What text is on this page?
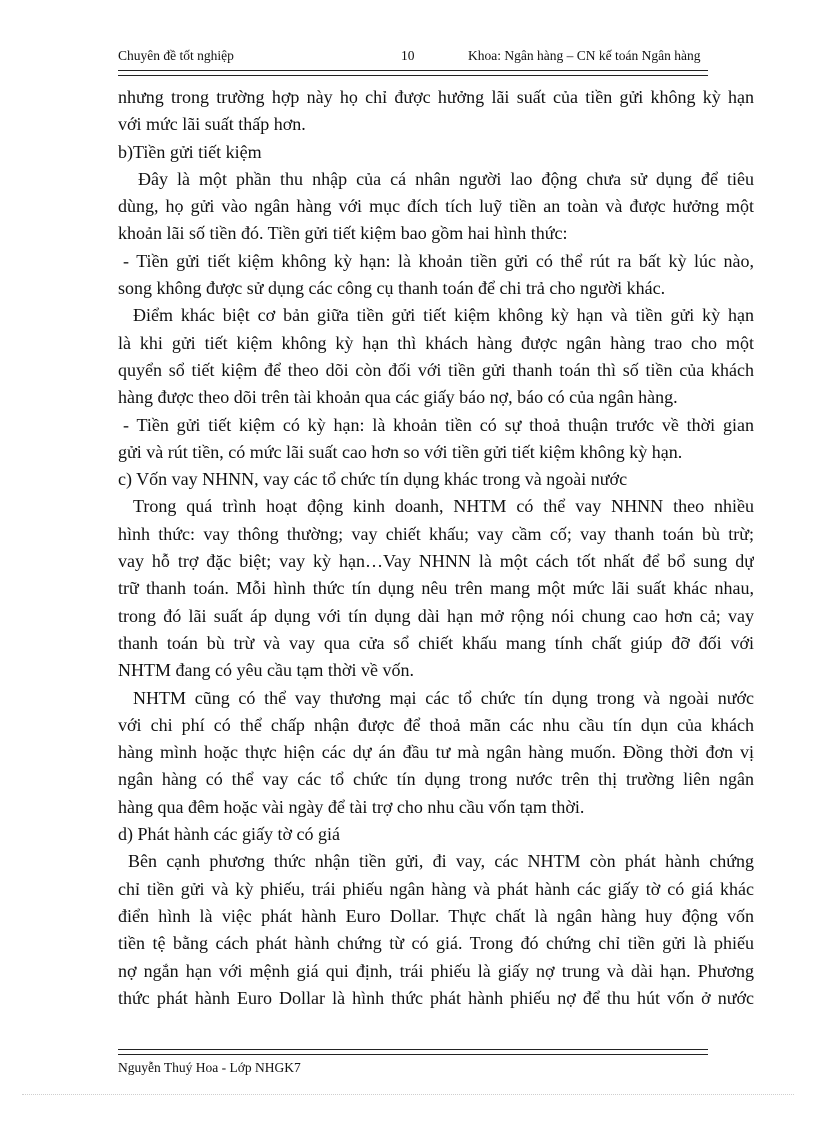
Chuyên đề tốt nghiệp	10	Khoa: Ngân hàng – CN kế toán Ngân hàng
nhưng trong trường hợp này họ chỉ được hưởng lãi suất của tiền gửi không kỳ hạn
với mức lãi suất thấp hơn.
b)Tiền gửi tiết kiệm
Đây là một phần thu nhập của cá nhân người lao động chưa sử dụng để tiêu
dùng, họ gửi vào ngân hàng với mục đích tích luỹ tiền an toàn và được hưởng một
khoản lãi số tiền đó. Tiền gửi tiết kiệm bao gồm hai hình thức:
- Tiền gửi tiết kiệm không kỳ hạn: là khoản tiền gửi có thể rút ra bất kỳ lúc nào,
song không được sử dụng các công cụ thanh toán để chi trả cho người khác.
Điểm khác biệt cơ bản giữa tiền gửi tiết kiệm không kỳ hạn và tiền gửi kỳ hạn
là khi gửi tiết kiệm không kỳ hạn thì khách hàng được ngân hàng trao cho một
quyển sổ tiết kiệm để theo dõi còn đối với tiền gửi thanh toán thì số tiền của khách
hàng được theo dõi trên tài khoản qua các giấy báo nợ, báo có của ngân hàng.
- Tiền gửi tiết kiệm có kỳ hạn: là khoản tiền có sự thoả thuận trước về thời gian
gửi và rút tiền, có mức lãi suất cao hơn so với tiền gửi tiết kiệm không kỳ hạn.
c) Vốn vay NHNN, vay các tổ chức tín dụng khác trong và ngoài nước
Trong quá trình hoạt động kinh doanh, NHTM có thể vay NHNN theo nhiều
hình thức: vay thông thường; vay chiết khấu; vay cầm cố; vay thanh toán bù trừ;
vay hỗ trợ đặc biệt; vay kỳ hạn…Vay NHNN là một cách tốt nhất để bổ sung dự
trữ thanh toán. Mỗi hình thức tín dụng nêu trên mang một mức lãi suất khác nhau,
trong đó lãi suất áp dụng với tín dụng dài hạn mở rộng nói chung cao hơn cả; vay
thanh toán bù trừ và vay qua cửa sổ chiết khấu mang tính chất giúp đỡ đối với
NHTM đang có yêu cầu tạm thời về vốn.
NHTM cũng có thể vay thương mại các tổ chức tín dụng trong và ngoài nước
với chi phí có thể chấp nhận được để thoả mãn các nhu cầu tín dụn của khách
hàng mình hoặc thực hiện các dự án đầu tư mà ngân hàng muốn. Đồng thời đơn vị
ngân hàng có thể vay các tổ chức tín dụng trong nước trên thị trường liên ngân
hàng qua đêm hoặc vài ngày để tài trợ cho nhu cầu vốn tạm thời.
d) Phát hành các giấy tờ có giá
Bên cạnh phương thức nhận tiền gửi, đi vay, các NHTM còn phát hành chứng
chỉ tiền gửi và kỳ phiếu, trái phiếu ngân hàng và phát hành các giấy tờ có giá khác
điển hình là việc phát hành Euro Dollar. Thực chất là ngân hàng huy động vốn
tiền tệ bằng cách phát hành chứng từ có giá. Trong đó chứng chỉ tiền gửi là phiếu
nợ ngắn hạn với mệnh giá qui định, trái phiếu là giấy nợ trung và dài hạn. Phương
thức phát hành Euro Dollar là hình thức phát hành phiếu nợ để thu hút vốn ở nước
Nguyễn Thuý Hoa - Lớp NHGK7
